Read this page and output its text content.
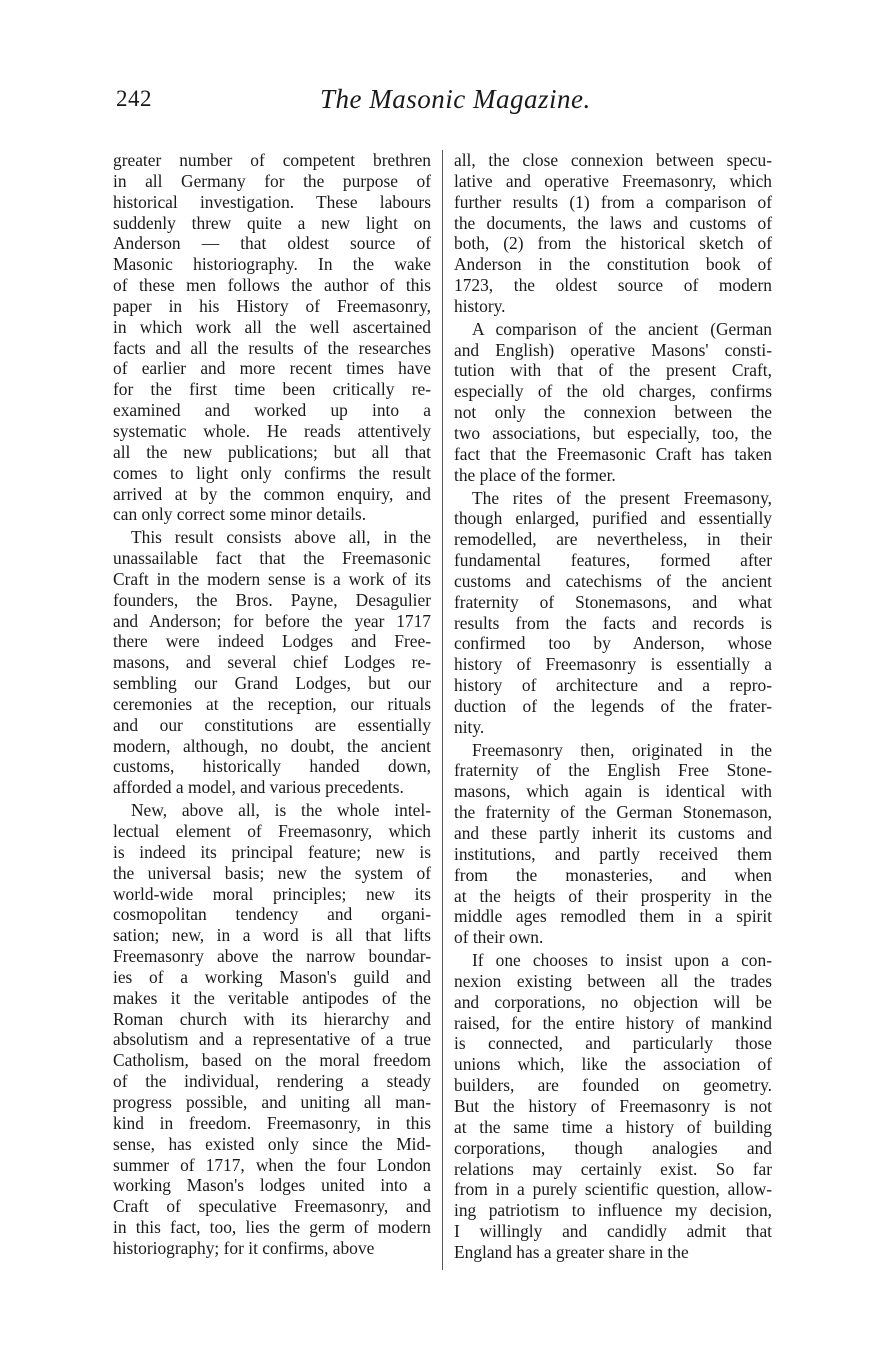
242	The Masonic Magazine.

greater number of competent brethren
in all Germany for the purpose of
historical investigation. These labours
suddenly threw quite a new light on
Anderson — that oldest source of
Masonic historiography. In the wake
of these men follows the author of this
paper in his History of Freemasonry,
in which work all the well ascertained
facts and all the results of the researches
of earlier and more recent times have
for the first time been critically re-
examined and worked up into a
systematic whole. He reads attentively
all the new publications; but all that
comes to light only confirms the result
arrived at by the common enquiry, and
can only correct some minor details.

This result consists above all, in the
unassailable fact that the Freemasonic
Craft in the modern sense is a work of its
founders, the Bros. Payne, Desagulier
and Anderson; for before the year 1717
there were indeed Lodges and Free-
masons, and several chief Lodges re-
sembling our Grand Lodges, but our
ceremonies at the reception, our rituals
and our constitutions are essentially
modern, although, no doubt, the ancient
customs, historically handed down,
afforded a model, and various precedents.

New, above all, is the whole intel-
lectual element of Freemasonry, which
is indeed its principal feature; new is
the universal basis; new the system of
world-wide moral principles; new its
cosmopolitan tendency and organi-
sation; new, in a word is all that lifts
Freemasonry above the narrow boundar-
ies of a working Mason's guild and
makes it the veritable antipodes of the
Roman church with its hierarchy and
absolutism and a representative of a true
Catholism, based on the moral freedom
of the individual, rendering a steady
progress possible, and uniting all man-
kind in freedom. Freemasonry, in this
sense, has existed only since the Mid-
summer of 1717, when the four London
working Mason's lodges united into a
Craft of speculative Freemasonry, and
in this fact, too, lies the germ of modern
historiography; for it confirms, above

all, the close connexion between specu-
lative and operative Freemasonry, which
further results (1) from a comparison of
the documents, the laws and customs of
both, (2) from the historical sketch of
Anderson in the constitution book of
1723, the oldest source of modern
history.

A comparison of the ancient (German
and English) operative Masons' consti-
tution with that of the present Craft,
especially of the old charges, confirms
not only the connexion between the
two associations, but especially, too, the
fact that the Freemasonic Craft has taken
the place of the former.

The rites of the present Freemasony,
though enlarged, purified and essentially
remodelled, are nevertheless, in their
fundamental features, formed after
customs and catechisms of the ancient
fraternity of Stonemasons, and what
results from the facts and records is
confirmed too by Anderson, whose
history of Freemasonry is essentially a
history of architecture and a repro-
duction of the legends of the frater-
nity.

Freemasonry then, originated in the
fraternity of the English Free Stone-
masons, which again is identical with
the fraternity of the German Stonemason,
and these partly inherit its customs and
institutions, and partly received them
from the monasteries, and when
at the heigts of their prosperity in the
middle ages remodled them in a spirit
of their own.

If one chooses to insist upon a con-
nexion existing between all the trades
and corporations, no objection will be
raised, for the entire history of mankind
is connected, and particularly those
unions which, like the association of
builders, are founded on geometry.
But the history of Freemasonry is not
at the same time a history of building
corporations, though analogies and
relations may certainly exist. So far
from in a purely scientific question, allow-
ing patriotism to influence my decision,
I willingly and candidly admit that
England has a greater share in the
